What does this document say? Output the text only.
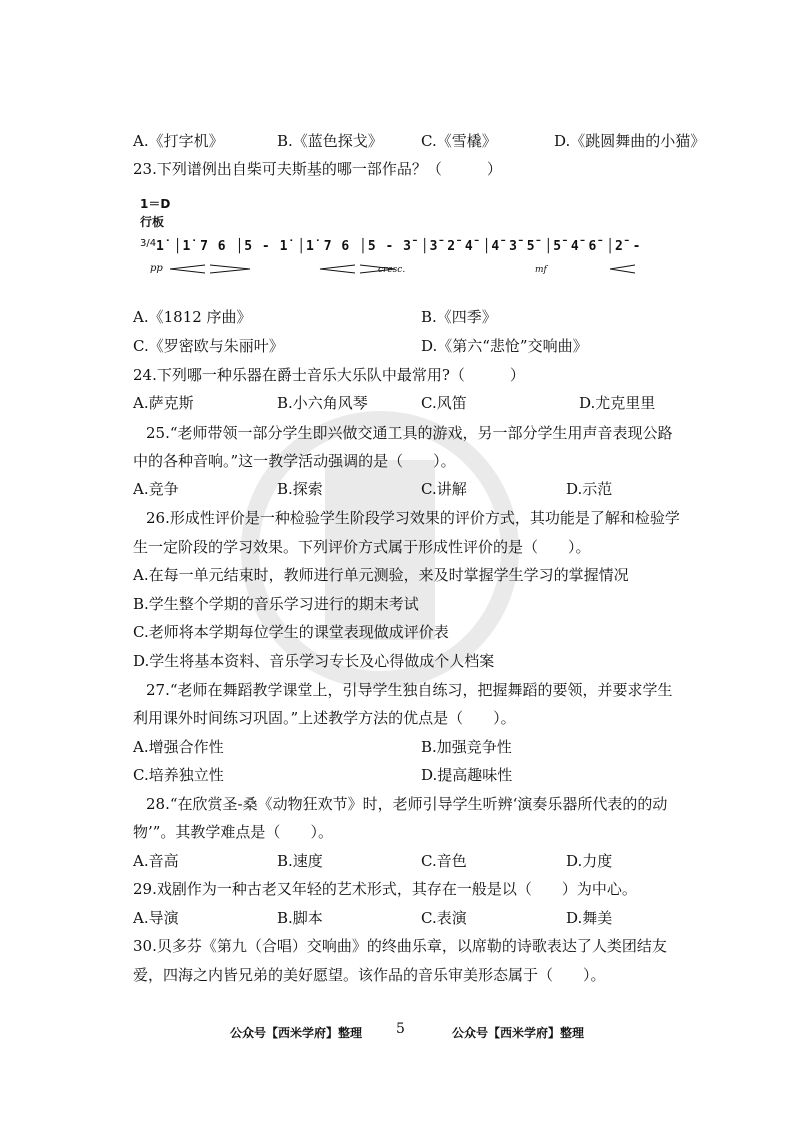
A.《打字机》	B.《蓝色探戈》	C.《雪橇》	D.《跳圆舞曲的小猫》
23.下列谱例出自柴可夫斯基的哪一部作品？（　　　）
1＝D
行板
3/4 1̇ │1̇ 7 6 │5 - 1̇ │1̇ 7 6 │5 - 3̄ │3̄ 2̄ 4̄ │4̄ 3̄ 5̄ │5̄ 4̄ 6̄ │2̄ -
pp	cresc.	mf
A.《1812 序曲》	B.《四季》
C.《罗密欧与朱丽叶》	D.《第六“悲怆”交响曲》
24.下列哪一种乐器在爵士音乐大乐队中最常用?（　　　）
A.萨克斯	B.小六角风琴	C.风笛	D.尤克里里
25.“老师带领一部分学生即兴做交通工具的游戏，另一部分学生用声音表现公路
中的各种音响。”这一教学活动强调的是（　　）。
A.竞争	B.探索	C.讲解	D.示范
26.形成性评价是一种检验学生阶段学习效果的评价方式，其功能是了解和检验学
生一定阶段的学习效果。下列评价方式属于形成性评价的是（　　）。
A.在每一单元结束时，教师进行单元测验，来及时掌握学生学习的掌握情况
B.学生整个学期的音乐学习进行的期末考试
C.老师将本学期每位学生的课堂表现做成评价表
D.学生将基本资料、音乐学习专长及心得做成个人档案
27.“老师在舞蹈教学课堂上，引导学生独自练习，把握舞蹈的要领，并要求学生
利用课外时间练习巩固。”上述教学方法的优点是（　　）。
A.增强合作性	B.加强竞争性
C.培养独立性	D.提高趣味性
28.“在欣赏圣-桑《动物狂欢节》时，老师引导学生听辨‘演奏乐器所代表的的动
物’”。其教学难点是（　　）。
A.音高	B.速度	C.音色	D.力度
29.戏剧作为一种古老又年轻的艺术形式，其存在一般是以（　　）为中心。
A.导演	B.脚本	C.表演	D.舞美
30.贝多芬《第九（合唱）交响曲》的终曲乐章，以席勒的诗歌表达了人类团结友
爱，四海之内皆兄弟的美好愿望。该作品的音乐审美形态属于（　　）。
公众号【西米学府】整理 5	公众号【西米学府】整理
